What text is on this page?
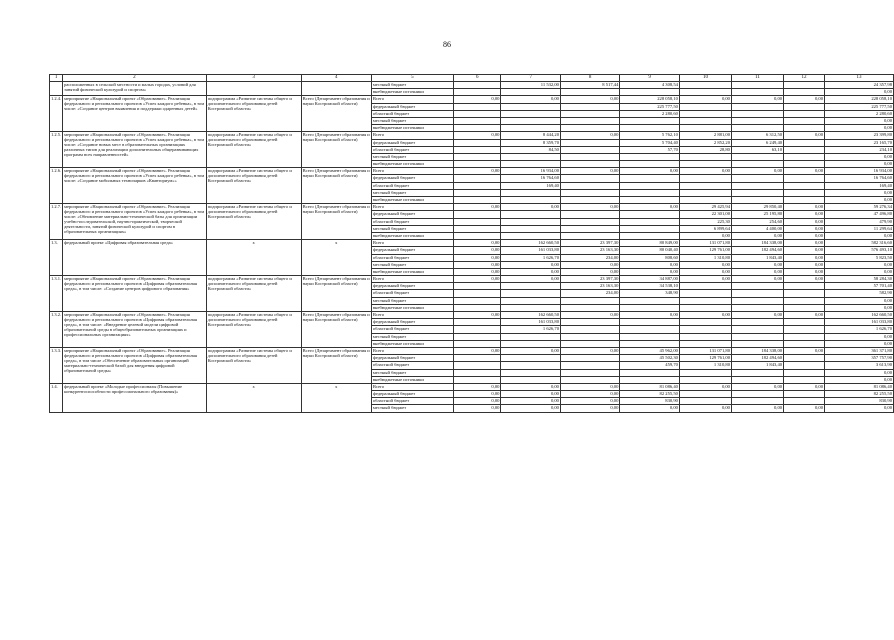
86
1	2	3	4	5	6	7	8	9	10	11	12	13
	расположенных в сельской местности и малых городах, условий для занятий физической культурой и спортом»			местный бюджет		11 532,00	8 517,44	4 308,54				24 357,98
				внебюджетные источники								0,00
1.2.4.	мероприятие «Национальный проект «Образование». Реализация федерального и регионального проектов «Успех каждого ребенка», в том числе: «Создание центров выявления и поддержки одаренных детей»	подпрограмма «Развитие системы общего и дополнительного образования детей Костромской области»	Всего (Департамент образования и науки Костромской области)	Всего	0,00	0,00	0,00	228 058,10	0,00	0,00	0,00	228 058,10
				федеральный бюджет				225 777,50				225 777,50
				областной бюджет				2 280,60				2 280,60
				местный бюджет								0,00
				внебюджетные источники								0,00
1.2.5.	мероприятие «Национальный проект «Образование». Реализация федерального и регионального проектов «Успех каждого ребенка», в том числе: «Создание новых мест в образовательных организациях различных типов для реализации дополнительных общеразвивающих программ всех направленностей»	подпрограмма «Развитие системы общего и дополнительного образования детей Костромской области»	Всего (Департамент образования и науки Костромской области)	Всего	0,00	8 444,20	0,00	5 762,10	2 881,00	6 312,50	0,00	23 399,80
				федеральный бюджет		8 359,70		5 704,40	2 852,20	6 249,40		23 165,70
				областной бюджет		84,50		57,70	28,80	63,10		234,10
				местный бюджет								0,00
				внебюджетные источники								0,00
1.2.6.	мероприятие «Национальный проект «Образование». Реализация федерального и регионального проектов «Успех каждого ребенка», в том числе: «Создание мобильных технопарков «Кванториум»»	подпрограмма «Развитие системы общего и дополнительного образования детей Костромской области»	Всего (Департамент образования и науки Костромской области)	Всего	0,00	16 934,00	0,00	0,00	0,00	0,00	0,00	16 934,00
				федеральный бюджет		16 764,60						16 764,60
				областной бюджет		169,40						169,40
				местный бюджет								0,00
				внебюджетные источники								0,00
1.2.7.	мероприятие «Национальный проект «Образование». Реализация федерального и регионального проектов «Успех каждого ребенка», в том числе: «Обновление материально-технической базы для организации учебно-исследовательской, научно-практической, творческой деятельности, занятий физической культурой и спортом в образовательных организациях»	подпрограмма «Развитие системы общего и дополнительного образования детей Костромской области»	Всего (Департамент образования и науки Костромской области)	Всего	0,00	0,00	0,00	0,00	29 425,94	29 850,40	0,00	59 276,34
				федеральный бюджет					22 301,00	25 195,80	0,00	47 496,80
				областной бюджет					225,30	254,60	0,00	479,90
				местный бюджет					6 899,64	4 400,00	0,00	11 299,64
				внебюджетные источники					0,00	0,00	0,00	0,00
1.3.	федеральный проект «Цифровая образовательная среда»	x	x	Всего	0,00	162 660,50	23 397,30	80 849,00	131 071,80	184 338,00	0,00	582 316,60
				федеральный бюджет	0,00	161 033,80	23 163,30	80 040,40	129 761,00	182 494,60	0,00	576 493,10
				областной бюджет	0,00	1 626,70	234,00	808,60	1 310,80	1 843,40	0,00	5 823,50
				местный бюджет	0,00	0,00	0,00	0,00	0,00	0,00	0,00	0,00
				внебюджетные источники	0,00	0,00	0,00	0,00	0,00	0,00	0,00	0,00
1.3.1.	мероприятие «Национальный проект «Образование». Реализация федерального и регионального проектов «Цифровая образовательная среда», в том числе: «Создание центров цифрового образования»	подпрограмма «Развитие системы общего и дополнительного образования детей Костромской области»	Всего (Департамент образования и науки Костромской области)	Всего	0,00	0,00	23 397,30	34 887,00	0,00	0,00	0,00	58 284,30
				федеральный бюджет			23 163,30	34 538,10				57 701,40
				областной бюджет			234,00	348,90				582,90
				местный бюджет								0,00
				внебюджетные источники								0,00
1.3.2.	мероприятие «Национальный проект «Образование». Реализация федерального и регионального проектов «Цифровая образовательная среда», в том числе: «Внедрение целевой модели цифровой образовательной среды в общеобразовательных организациях и профессиональных организациях»	подпрограмма «Развитие системы общего и дополнительного образования детей Костромской области»	Всего (Департамент образования и науки Костромской области)	Всего	0,00	162 660,50	0,00	0,00	0,00	0,00	0,00	162 660,50
				федеральный бюджет		161 033,80						161 033,80
				областной бюджет		1 626,70						1 626,70
				местный бюджет								0,00
				внебюджетные источники								0,00
1.3.3.	мероприятие «Национальный проект «Образование». Реализация федерального и регионального проектов «Цифровая образовательная среда», в том числе «Обеспечение образовательных организаций материально-технической базой для внедрения цифровой образовательной среды»	подпрограмма «Развитие системы общего и дополнительного образования детей Костромской области»	Всего (Департамент образования и науки Костромской области)	Всего	0,00	0,00	0,00	45 962,00	131 071,80	184 338,00	0,00	361 371,80
				федеральный бюджет				45 502,30	129 761,00	182 494,60		357 757,90
				областной бюджет				459,70	1 310,80	1 843,40		3 613,90
				местный бюджет								0,00
				внебюджетные источники								0,00
1.4.	федеральный проект «Молодые профессионалы (Повышение конкурентоспособности профессионального образования)»	x	x	Всего	0,00	0,00	0,00	81 086,40	0,00	0,00	0,00	81 086,40
				федеральный бюджет	0,00	0,00	0,00	82 255,50				82 255,50
				областной бюджет	0,00	0,00	0,00	830,90				830,90
				местный бюджет	0,00	0,00	0,00	0,00	0,00	0,00	0,00	0,00
